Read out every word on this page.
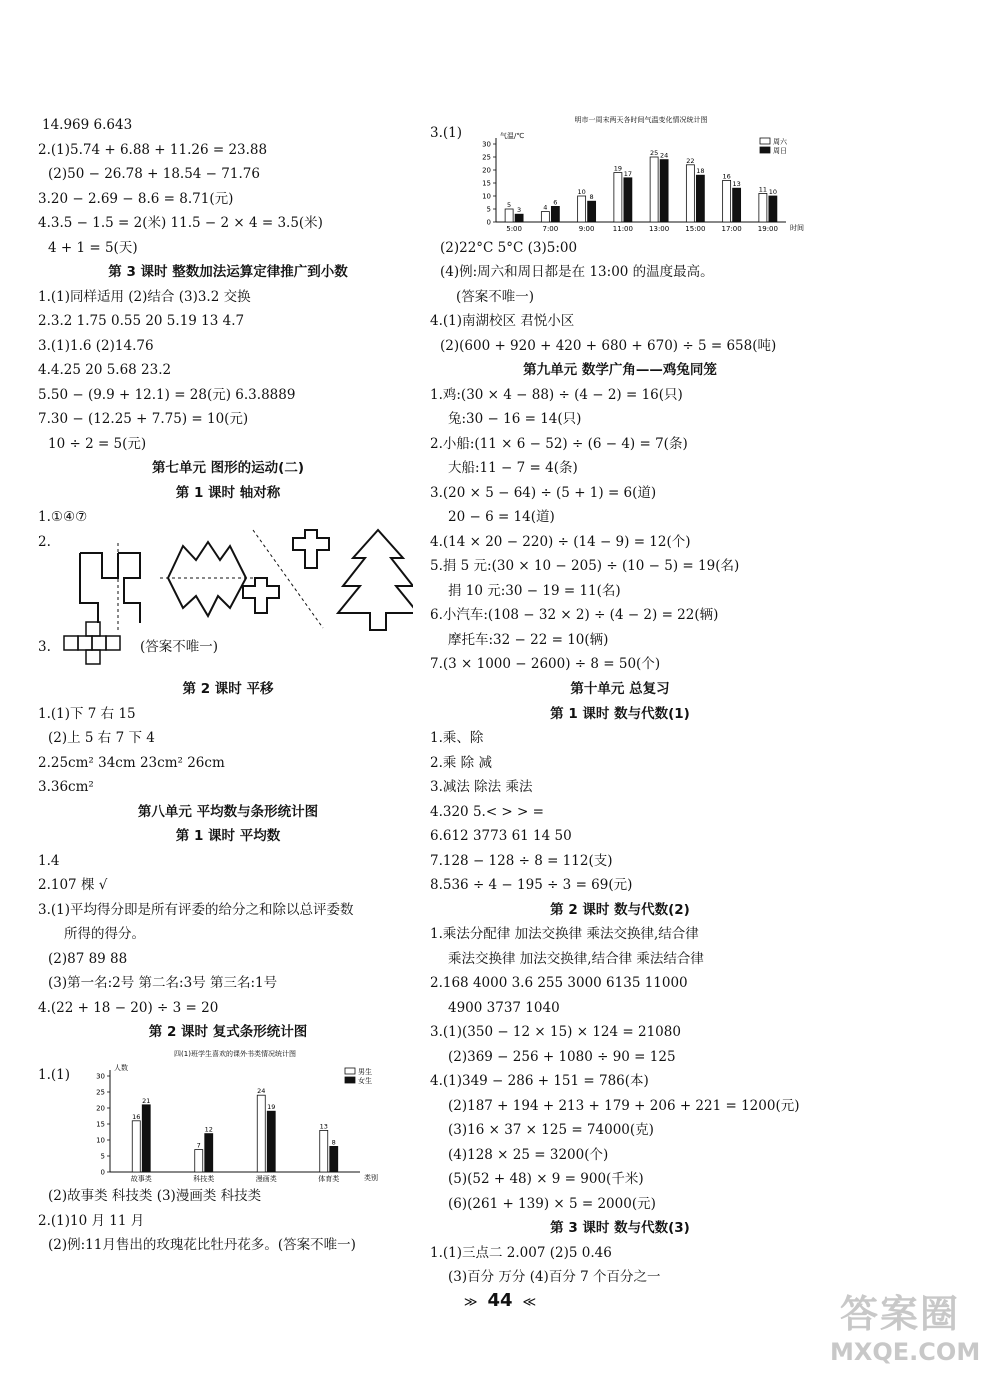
14.969 6.643
2.(1)5.74 + 6.88 + 11.26 = 23.88
(2)50 − 26.78 + 18.54 − 71.76
3.20 − 2.69 − 8.6 = 8.71(元)
4.3.5 − 1.5 = 2(米) 11.5 − 2 × 4 = 3.5(米)
4 + 1 = 5(天)
第 3 课时 整数加法运算定律推广到小数
1.(1)同样适用 (2)结合 (3)3.2 交换
2.3.2 1.75 0.55 20 5.19 13 4.7
3.(1)1.6 (2)14.76
4.4.25 20 5.68 23.2
5.50 − (9.9 + 12.1) = 28(元) 6.3.8889
7.30 − (12.25 + 7.75) = 10(元)
10 ÷ 2 = 5(元)
第七单元 图形的运动(二)
第 1 课时 轴对称
1.①④⑦
2.
3.	(答案不唯一)
第 2 课时 平移
1.(1)下 7 右 15
(2)上 5 右 7 下 4
2.25cm² 34cm 23cm² 26cm
3.36cm²
第八单元 平均数与条形统计图
第 1 课时 平均数
1.4
2.107 棵 √
3.(1)平均得分即是所有评委的给分之和除以总评委数
所得的得分。
(2)87 89 88
(3)第一名:2号 第二名:3号 第三名:1号
4.(22 + 18 − 20) ÷ 3 = 20
第 2 课时 复式条形统计图
1.(1)
四(1)班学生喜欢的课外书类情况统计图
人数
类别
0
5
10
15
20
25
30
故事类
16
21
科技类
7
12
漫画类
24
19
体育类
13
8
男生
女生
(2)故事类 科技类 (3)漫画类 科技类
2.(1)10 月 11 月
(2)例:11月售出的玫瑰花比牡丹花多。(答案不唯一)
3.(1)
明市一周末两天各时间气温变化情况统计图
气温/℃
时间
0
5
10
15
20
25
30
5:00
5
3
7:00
4
6
9:00
10
8
11:00
19
17
13:00
25 24
15:00
22
18
17:00
16
13
19:00
11 10
周六
周日
(2)22°C 5°C (3)5:00
(4)例:周六和周日都是在 13:00 的温度最高。
(答案不唯一)
4.(1)南湖校区 君悦小区
(2)(600 + 920 + 420 + 680 + 670) ÷ 5 = 658(吨)
第九单元 数学广角——鸡兔同笼
1.鸡:(30 × 4 − 88) ÷ (4 − 2) = 16(只)
兔:30 − 16 = 14(只)
2.小船:(11 × 6 − 52) ÷ (6 − 4) = 7(条)
大船:11 − 7 = 4(条)
3.(20 × 5 − 64) ÷ (5 + 1) = 6(道)
20 − 6 = 14(道)
4.(14 × 20 − 220) ÷ (14 − 9) = 12(个)
5.捐 5 元:(30 × 10 − 205) ÷ (10 − 5) = 19(名)
捐 10 元:30 − 19 = 11(名)
6.小汽车:(108 − 32 × 2) ÷ (4 − 2) = 22(辆)
摩托车:32 − 22 = 10(辆)
7.(3 × 1000 − 2600) ÷ 8 = 50(个)
第十单元 总复习
第 1 课时 数与代数(1)
1.乘、除
2.乘 除 减
3.减法 除法 乘法
4.320 5.< > > =
6.612 3773 61 14 50
7.128 − 128 ÷ 8 = 112(支)
8.536 ÷ 4 − 195 ÷ 3 = 69(元)
第 2 课时 数与代数(2)
1.乘法分配律 加法交换律 乘法交换律,结合律
乘法交换律 加法交换律,结合律 乘法结合律
2.168 4000 3.6 255 3000 6135 11000
4900 3737 1040
3.(1)(350 − 12 × 15) × 124 = 21080
(2)369 − 256 + 1080 ÷ 90 = 125
4.(1)349 − 286 + 151 = 786(本)
(2)187 + 194 + 213 + 179 + 206 + 221 = 1200(元)
(3)16 × 37 × 125 = 74000(克)
(4)128 × 25 = 3200(个)
(5)(52 + 48) × 9 = 900(千米)
(6)(261 + 139) × 5 = 2000(元)
第 3 课时 数与代数(3)
1.(1)三点二 2.007 (2)5 0.46
(3)百分 万分 (4)百分 7 个百分之一
≫ 44 ≪	答案圈
MXQE.COM
